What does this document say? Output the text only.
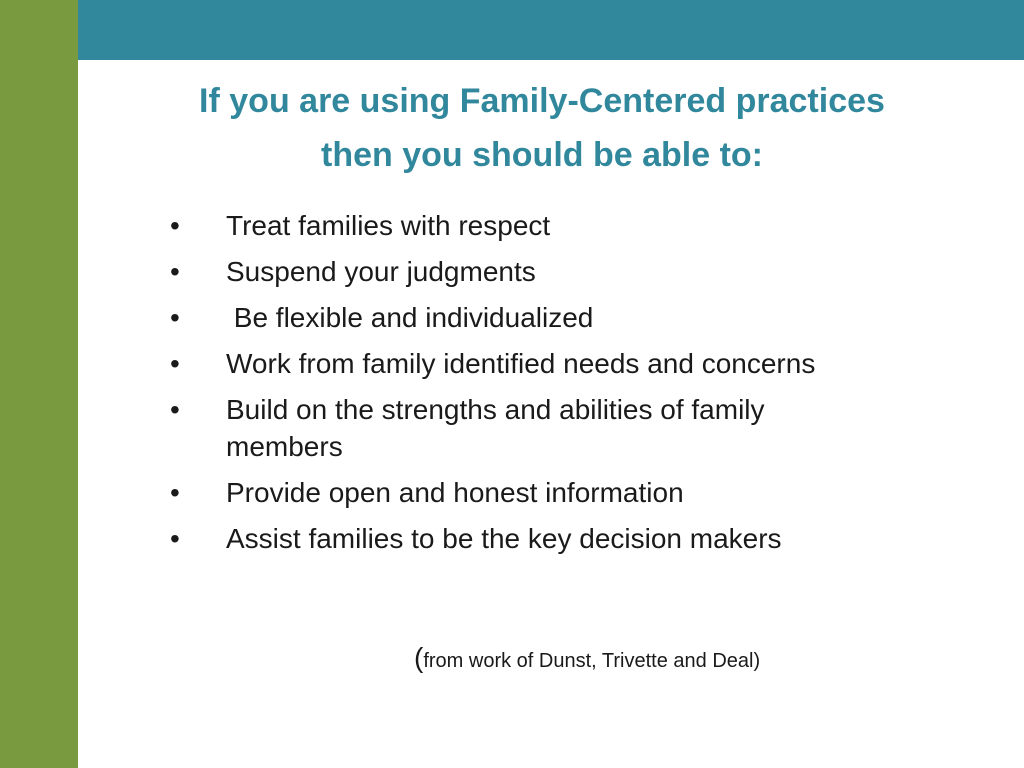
If you are using Family-Centered practices
then you should be able to:
•	Treat families with respect
•	Suspend your judgments
•	Be flexible and individualized
•	Work from family identified needs and concerns
•	Build on the strengths and abilities of family members
•	Provide open and honest information
•	Assist families to be the key decision makers
(from work of Dunst, Trivette and Deal)
